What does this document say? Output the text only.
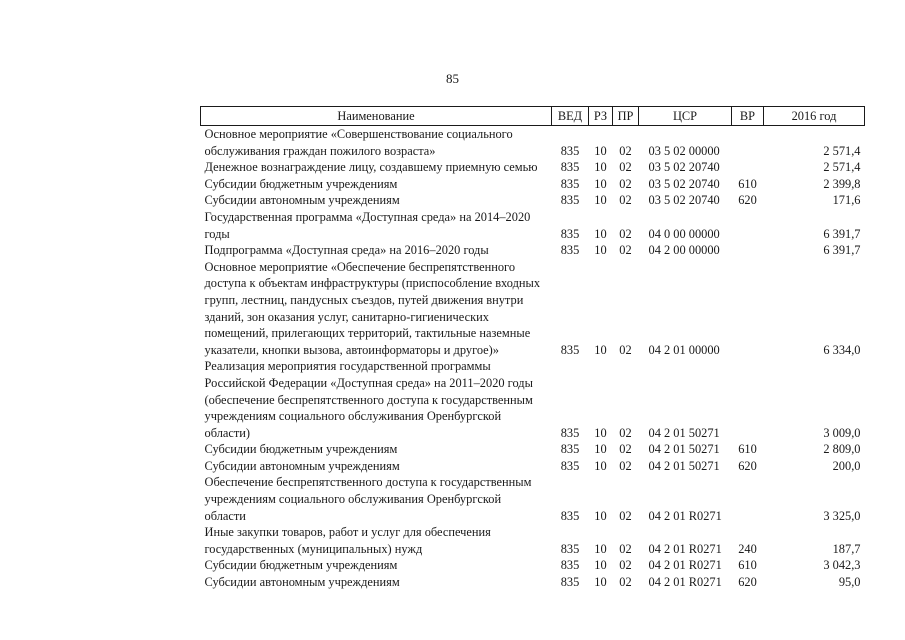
85
Наименование	ВЕД	РЗ	ПР	ЦСР	ВР	2016 год
Основное мероприятие «Совершенствование социального обслуживания граждан пожилого возраста»	835	10	02	03 5 02 00000		2 571,4
Денежное вознаграждение лицу, создавшему приемную семью	835	10	02	03 5 02 20740		2 571,4
Субсидии бюджетным учреждениям	835	10	02	03 5 02 20740	610	2 399,8
Субсидии автономным учреждениям	835	10	02	03 5 02 20740	620	171,6
Государственная программа «Доступная среда» на 2014–2020 годы	835	10	02	04 0 00 00000		6 391,7
Подпрограмма «Доступная среда» на 2016–2020 годы	835	10	02	04 2 00 00000		6 391,7
Основное мероприятие «Обеспечение беспрепятственного доступа к объектам инфраструктуры (приспособление входных групп, лестниц, пандусных съездов, путей движения внутри зданий, зон оказания услуг, санитарно-гигиенических помещений, прилегающих территорий, тактильные наземные указатели, кнопки вызова, автоинформаторы и другое)»	835	10	02	04 2 01 00000		6 334,0
Реализация мероприятия государственной программы Российской Федерации «Доступная среда» на 2011–2020 годы (обеспечение беспрепятственного доступа к государственным учреждениям социального обслуживания Оренбургской области)	835	10	02	04 2 01 50271		3 009,0
Субсидии бюджетным учреждениям	835	10	02	04 2 01 50271	610	2 809,0
Субсидии автономным учреждениям	835	10	02	04 2 01 50271	620	200,0
Обеспечение беспрепятственного доступа к государственным учреждениям социального обслуживания Оренбургской области	835	10	02	04 2 01 R0271		3 325,0
Иные закупки товаров, работ и услуг для обеспечения государственных (муниципальных) нужд	835	10	02	04 2 01 R0271	240	187,7
Субсидии бюджетным учреждениям	835	10	02	04 2 01 R0271	610	3 042,3
Субсидии автономным учреждениям	835	10	02	04 2 01 R0271	620	95,0
